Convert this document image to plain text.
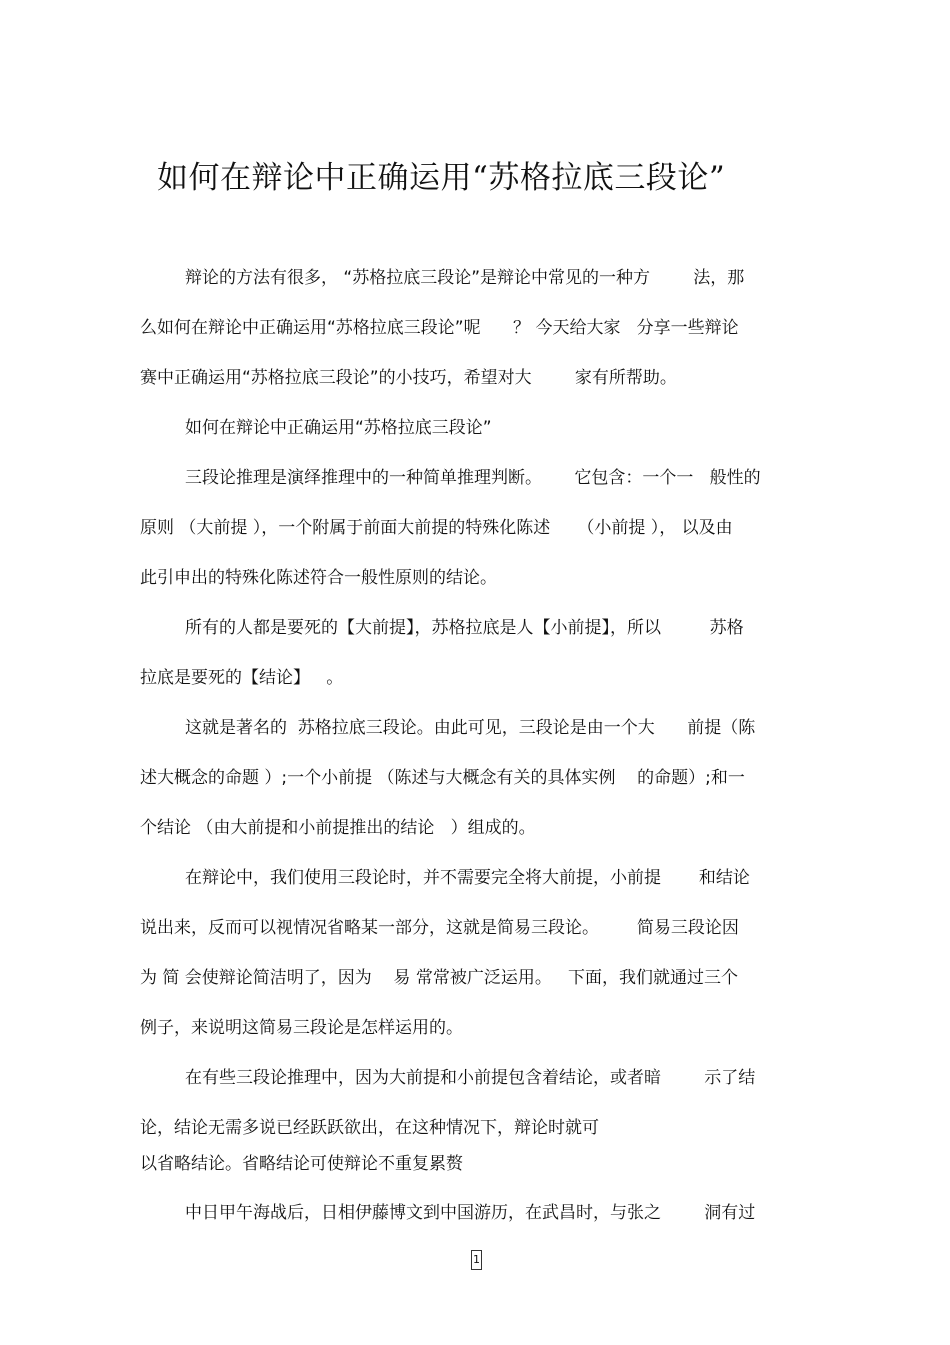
如何在辩论中正确运用“苏格拉底三段论”
辩论的方法有很多， “苏格拉底三段论”是辩论中常见的一种方        法，那
么如何在辩论中正确运用“苏格拉底三段论”呢      ？ 今天给大家   分享一些辩论
赛中正确运用“苏格拉底三段论”的小技巧，希望对大        家有所帮助。
如何在辩论中正确运用“苏格拉底三段论”
三段论推理是演绎推理中的一种简单推理判断。      它包含：一个一   般性的
原则 （大前提 ），一个附属于前面大前提的特殊化陈述     （小前提 ）， 以及由
此引申出的特殊化陈述符合一般性原则的结论。
所有的人都是要死的【大前提】，苏格拉底是人【小前提】，所以         苏格
拉底是要死的【结论】   。
这就是著名的  苏格拉底三段论。由此可见，三段论是由一个大      前提（陈
述大概念的命题 ）;一个小前提 （陈述与大概念有关的具体实例    的命题）;和一
个结论 （由大前提和小前提推出的结论   ）组成的。
在辩论中，我们使用三段论时，并不需要完全将大前提，小前提       和结论
说出来，反而可以视情况省略某一部分，这就是简易三段论。       简易三段论因
为 简 会使辩论简洁明了，因为    易 常常被广泛运用。   下面，我们就通过三个
例子，来说明这简易三段论是怎样运用的。
在有些三段论推理中，因为大前提和小前提包含着结论，或者暗        示了结
论，结论无需多说已经跃跃欲出，在这种情况下，辩论时就可
以省略结论。省略结论可使辩论不重复累赘
中日甲午海战后，日相伊藤博文到中国游历，在武昌时，与张之        洞有过
1
